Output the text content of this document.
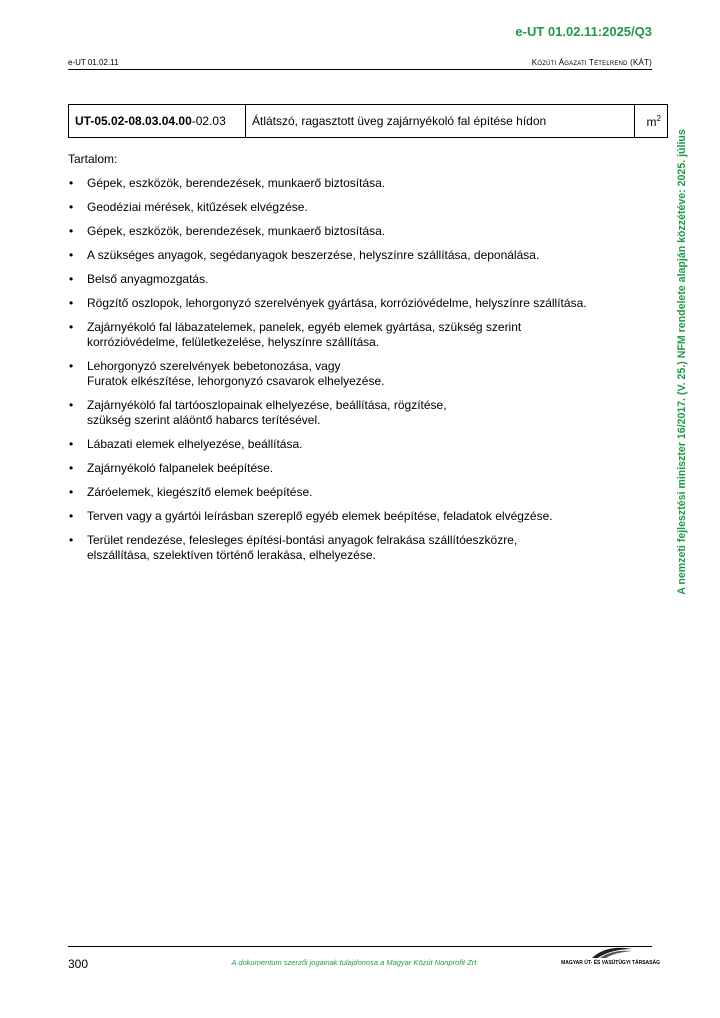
e-UT 01.02.11:2025/Q3
e-UT 01.02.11	Közúti Ágazati Tételrend (KÁT)
A nemzeti fejlesztési miniszter 16/2017. (V. 25.) NFM rendelete alapján közzétéve: 2025. július
UT-05.02-08.03.04.00-02.03	Átlátszó, ragasztott üveg zajárnyékoló fal építése hídon	$m^2$
Tartalom:
• Gépek, eszközök, berendezések, munkaerő biztosítása.
• Geodéziai mérések, kitűzések elvégzése.
• Gépek, eszközök, berendezések, munkaerő biztosítása.
• A szükséges anyagok, segédanyagok beszerzése, helyszínre szállítása, deponálása.
• Belső anyagmozgatás.
• Rögzítő oszlopok, lehorgonyzó szerelvények gyártása, korrózióvédelme, helyszínre szállítása.
• Zajárnyékoló fal lábazatelemek, panelek, egyéb elemek gyártása, szükség szerint
korrózióvédelme, felületkezelése, helyszínre szállítása.
• Lehorgonyzó szerelvények bebetonozása, vagy
Furatok elkészítése, lehorgonyzó csavarok elhelyezése.
• Zajárnyékoló fal tartóoszlopainak elhelyezése, beállítása, rögzítése,
szükség szerint aláöntő habarcs terítésével.
• Lábazati elemek elhelyezése, beállítása.
• Zajárnyékoló falpanelek beépítése.
• Záróelemek, kiegészítő elemek beépítése.
• Terven vagy a gyártói leírásban szereplő egyéb elemek beépítése, feladatok elvégzése.
• Terület rendezése, felesleges építési-bontási anyagok felrakása szállítóeszközre,
elszállítása, szelektíven történő lerakása, elhelyezése.
300	A dokumentum szerzői jogainak tulajdonosa a Magyar Közút Nonprofit Zrt.	MAGYAR ÚT- ÉS VASÚTÜGYI TÁRSASÁG
